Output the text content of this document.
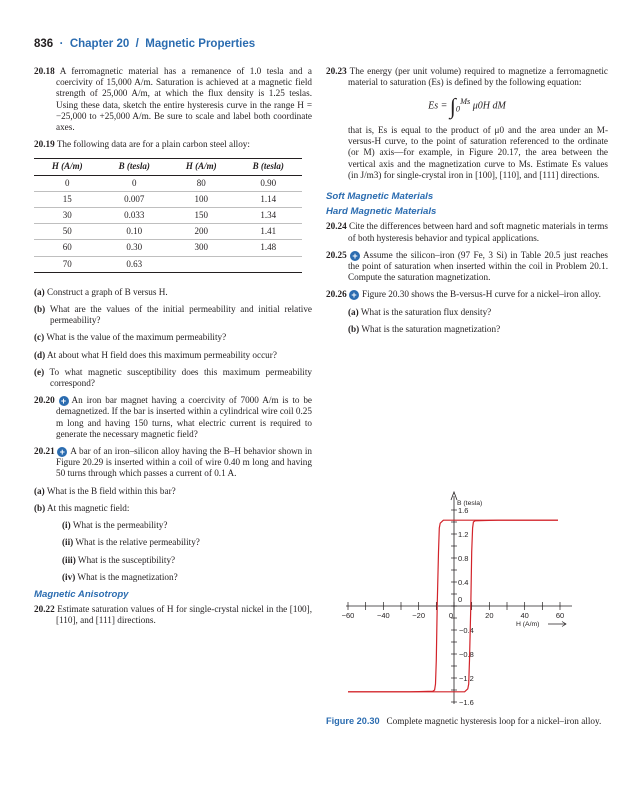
836 · Chapter 20 / Magnetic Properties

20.18 A ferromagnetic material has a remanence of 1.0 tesla and a coercivity of 15,000 A/m. Saturation is achieved at a magnetic field strength of 25,000 A/m, at which the flux density is 1.25 teslas. Using these data, sketch the entire hysteresis curve in the range H = −25,000 to +25,000 A/m. Be sure to scale and label both coordinate axes.

20.19 The following data are for a plain carbon steel alloy:

H (A/m)	B (tesla)	H (A/m)	B (tesla)
0	0	80	0.90
15	0.007	100	1.14
30	0.033	150	1.34
50	0.10	200	1.41
60	0.30	300	1.48
70	0.63		

(a) Construct a graph of B versus H.

(b) What are the values of the initial permeability and initial relative permeability?

(c) What is the value of the maximum permeability?

(d) At about what H field does this maximum permeability occur?

(e) To what magnetic susceptibility does this maximum permeability correspond?

20.20 + An iron bar magnet having a coercivity of 7000 A/m is to be demagnetized. If the bar is inserted within a cylindrical wire coil 0.25 m long and having 150 turns, what electric current is required to generate the necessary magnetic field?

20.21 + A bar of an iron–silicon alloy having the B–H behavior shown in Figure 20.29 is inserted within a coil of wire 0.40 m long and having 50 turns through which passes a current of 0.1 A.

(a) What is the B field within this bar?

(b) At this magnetic field:

(i) What is the permeability?

(ii) What is the relative permeability?

(iii) What is the susceptibility?

(iv) What is the magnetization?

Magnetic Anisotropy

20.22 Estimate saturation values of H for single-crystal nickel in the [100], [110], and [111] directions.

20.23 The energy (per unit volume) required to magnetize a ferromagnetic material to saturation (Es) is defined by the following equation:

$Es = \int_0^{Ms}$ μ0H dM

that is, Es is equal to the product of μ0 and the area under an M-versus-H curve, to the point of saturation referenced to the ordinate (or M) axis—for example, in Figure 20.17, the area between the vertical axis and the magnetization curve to Ms. Estimate Es values (in J/m3) for single-crystal iron in [100], [110], and [111] directions.

Soft Magnetic Materials
Hard Magnetic Materials

20.24 Cite the differences between hard and soft magnetic materials in terms of both hysteresis behavior and typical applications.

20.25 + Assume the silicon–iron (97 Fe, 3 Si) in Table 20.5 just reaches the point of saturation when inserted within the coil in Problem 20.1. Compute the saturation magnetization.

20.26 + Figure 20.30 shows the B-versus-H curve for a nickel–iron alloy.

(a) What is the saturation flux density?

(b) What is the saturation magnetization?

−60	−40	−20	0	20	40	60
1.6
1.2
0.8
0.4
0
−0.4
−0.8
−1.2
−1.6
B (tesla)
H (A/m)
Figure 20.30 Complete magnetic hysteresis loop for a nickel–iron alloy.
